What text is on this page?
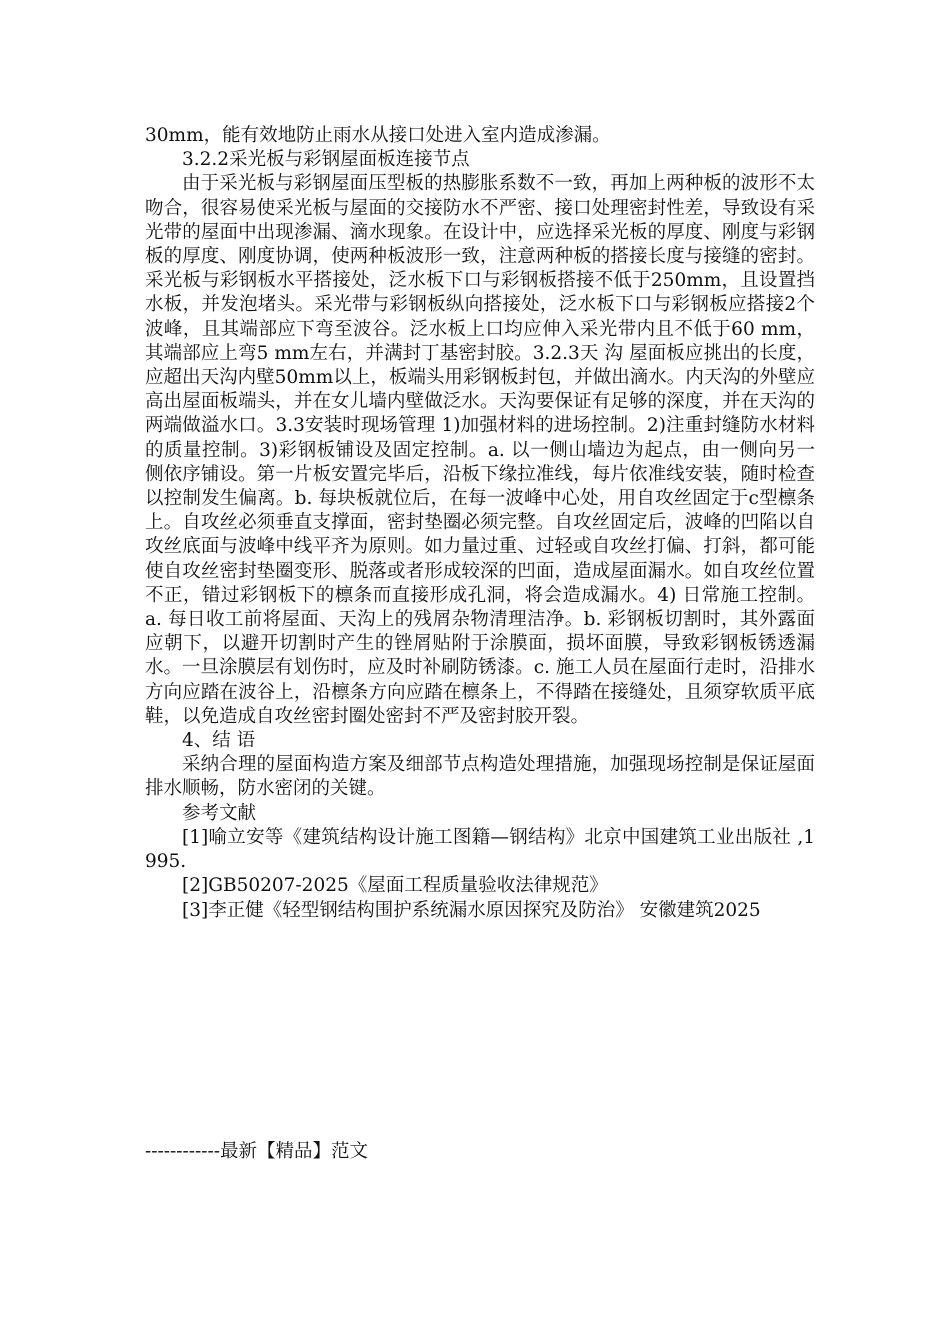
30mm，能有效地防止雨水从接口处进入室内造成渗漏。

3.2.2采光板与彩钢屋面板连接节点

由于采光板与彩钢屋面压型板的热膨胀系数不一致，再加上两种板的波形不太吻合，很容易使采光板与屋面的交接防水不严密、接口处理密封性差，导致设有采光带的屋面中出现渗漏、滴水现象。在设计中，应选择采光板的厚度、刚度与彩钢板的厚度、刚度协调，使两种板波形一致，注意两种板的搭接长度与接缝的密封。采光板与彩钢板水平搭接处，泛水板下口与彩钢板搭接不低于250mm，且设置挡水板，并发泡堵头。采光带与彩钢板纵向搭接处，泛水板下口与彩钢板应搭接2个波峰，且其端部应下弯至波谷。泛水板上口均应伸入采光带内且不低于60 mm，其端部应上弯5 mm左右，并满封丁基密封胶。3.2.3天 沟 屋面板应挑出的长度，应超出天沟内壁50mm以上，板端头用彩钢板封包，并做出滴水。内天沟的外壁应高出屋面板端头，并在女儿墙内壁做泛水。天沟要保证有足够的深度，并在天沟的两端做溢水口。3.3安装时现场管理 1)加强材料的进场控制。2)注重封缝防水材料的质量控制。3)彩钢板铺设及固定控制。a. 以一侧山墙边为起点，由一侧向另一侧依序铺设。第一片板安置完毕后，沿板下缘拉准线，每片依准线安装，随时检查以控制发生偏离。b. 每块板就位后，在每一波峰中心处，用自攻丝固定于c型檩条上。自攻丝必须垂直支撑面，密封垫圈必须完整。自攻丝固定后，波峰的凹陷以自攻丝底面与波峰中线平齐为原则。如力量过重、过轻或自攻丝打偏、打斜，都可能使自攻丝密封垫圈变形、脱落或者形成较深的凹面，造成屋面漏水。如自攻丝位置不正，错过彩钢板下的檩条而直接形成孔洞，将会造成漏水。4) 日常施工控制。a. 每日收工前将屋面、天沟上的残屑杂物清理洁净。b. 彩钢板切割时，其外露面应朝下，以避开切割时产生的锉屑贴附于涂膜面，损坏面膜，导致彩钢板锈透漏水。一旦涂膜层有划伤时，应及时补刷防锈漆。c. 施工人员在屋面行走时，沿排水方向应踏在波谷上，沿檩条方向应踏在檩条上，不得踏在接缝处，且须穿软质平底鞋，以免造成自攻丝密封圈处密封不严及密封胶开裂。

4、结 语

采纳合理的屋面构造方案及细部节点构造处理措施，加强现场控制是保证屋面排水顺畅，防水密闭的关键。

参考文献

[1]喻立安等《建筑结构设计施工图籍—钢结构》北京中国建筑工业出版社 ,1995.

[2]GB50207-2025《屋面工程质量验收法律规范》

[3]李正健《轻型钢结构围护系统漏水原因探究及防治》 安徽建筑2025

------------最新【精品】范文
